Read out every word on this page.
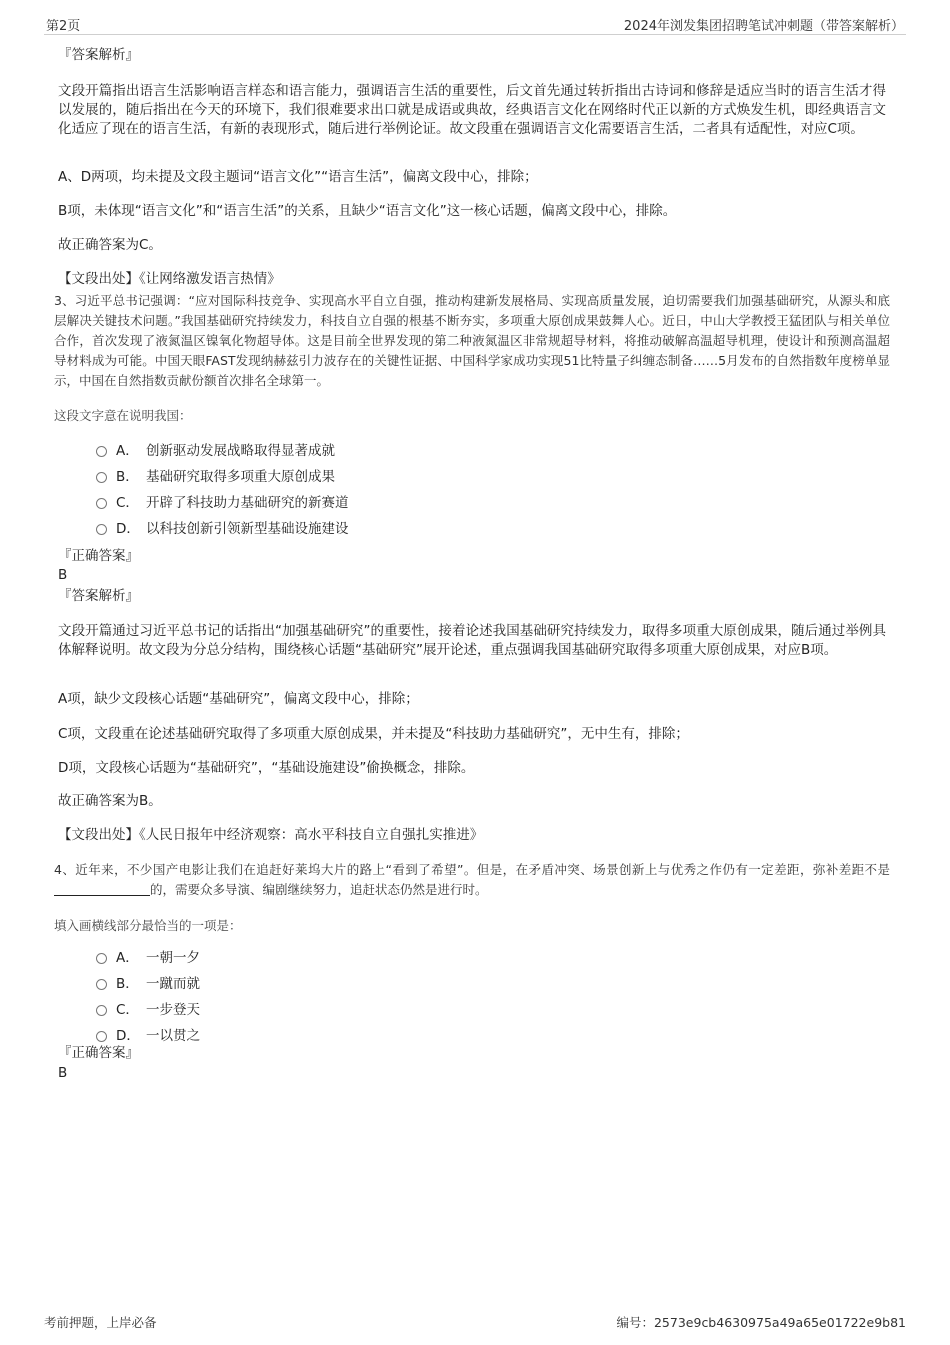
第2页	2024年浏发集团招聘笔试冲刺题（带答案解析）
『答案解析』
文段开篇指出语言生活影响语言样态和语言能力，强调语言生活的重要性，后文首先通过转折指出古诗词和修辞是适应当时的语言生活才得以发展的，随后指出在今天的环境下，我们很难要求出口就是成语或典故，经典语言文化在网络时代正以新的方式焕发生机，即经典语言文化适应了现在的语言生活，有新的表现形式，随后进行举例论证。故文段重在强调语言文化需要语言生活，二者具有适配性，对应C项。
A、D两项，均未提及文段主题词“语言文化”“语言生活”，偏离文段中心，排除；
B项，未体现“语言文化”和“语言生活”的关系，且缺少“语言文化”这一核心话题，偏离文段中心，排除。
故正确答案为C。
【文段出处】《让网络激发语言热情》
3、习近平总书记强调：“应对国际科技竞争、实现高水平自立自强，推动构建新发展格局、实现高质量发展，迫切需要我们加强基础研究，从源头和底层解决关键技术问题。”我国基础研究持续发力，科技自立自强的根基不断夯实，多项重大原创成果鼓舞人心。近日，中山大学教授王猛团队与相关单位合作，首次发现了液氮温区镍氧化物超导体。这是目前全世界发现的第二种液氮温区非常规超导材料，将推动破解高温超导机理，使设计和预测高温超导材料成为可能。中国天眼FAST发现纳赫兹引力波存在的关键性证据、中国科学家成功实现51比特量子纠缠态制备……5月发布的自然指数年度榜单显示，中国在自然指数贡献份额首次排名全球第一。
这段文字意在说明我国：
A． 创新驱动发展战略取得显著成就
B． 基础研究取得多项重大原创成果
C． 开辟了科技助力基础研究的新赛道
D． 以科技创新引领新型基础设施建设
『正确答案』
B
『答案解析』
文段开篇通过习近平总书记的话指出“加强基础研究”的重要性，接着论述我国基础研究持续发力，取得多项重大原创成果，随后通过举例具体解释说明。故文段为分总分结构，围绕核心话题“基础研究”展开论述，重点强调我国基础研究取得多项重大原创成果，对应B项。
A项，缺少文段核心话题“基础研究”，偏离文段中心，排除；
C项，文段重在论述基础研究取得了多项重大原创成果，并未提及“科技助力基础研究”，无中生有，排除；
D项，文段核心话题为“基础研究”，“基础设施建设”偷换概念，排除。
故正确答案为B。
【文段出处】《人民日报年中经济观察：高水平科技自立自强扎实推进》
4、近年来，不少国产电影让我们在追赶好莱坞大片的路上“看到了希望”。但是，在矛盾冲突、场景创新上与优秀之作仍有一定差距，弥补差距不是的，需要众多导演、编剧继续努力，追赶状态仍然是进行时。
填入画横线部分最恰当的一项是：
A． 一朝一夕
B． 一蹴而就
C． 一步登天
D． 一以贯之
『正确答案』
B
考前押题，上岸必备	编号：2573e9cb4630975a49a65e01722e9b81
